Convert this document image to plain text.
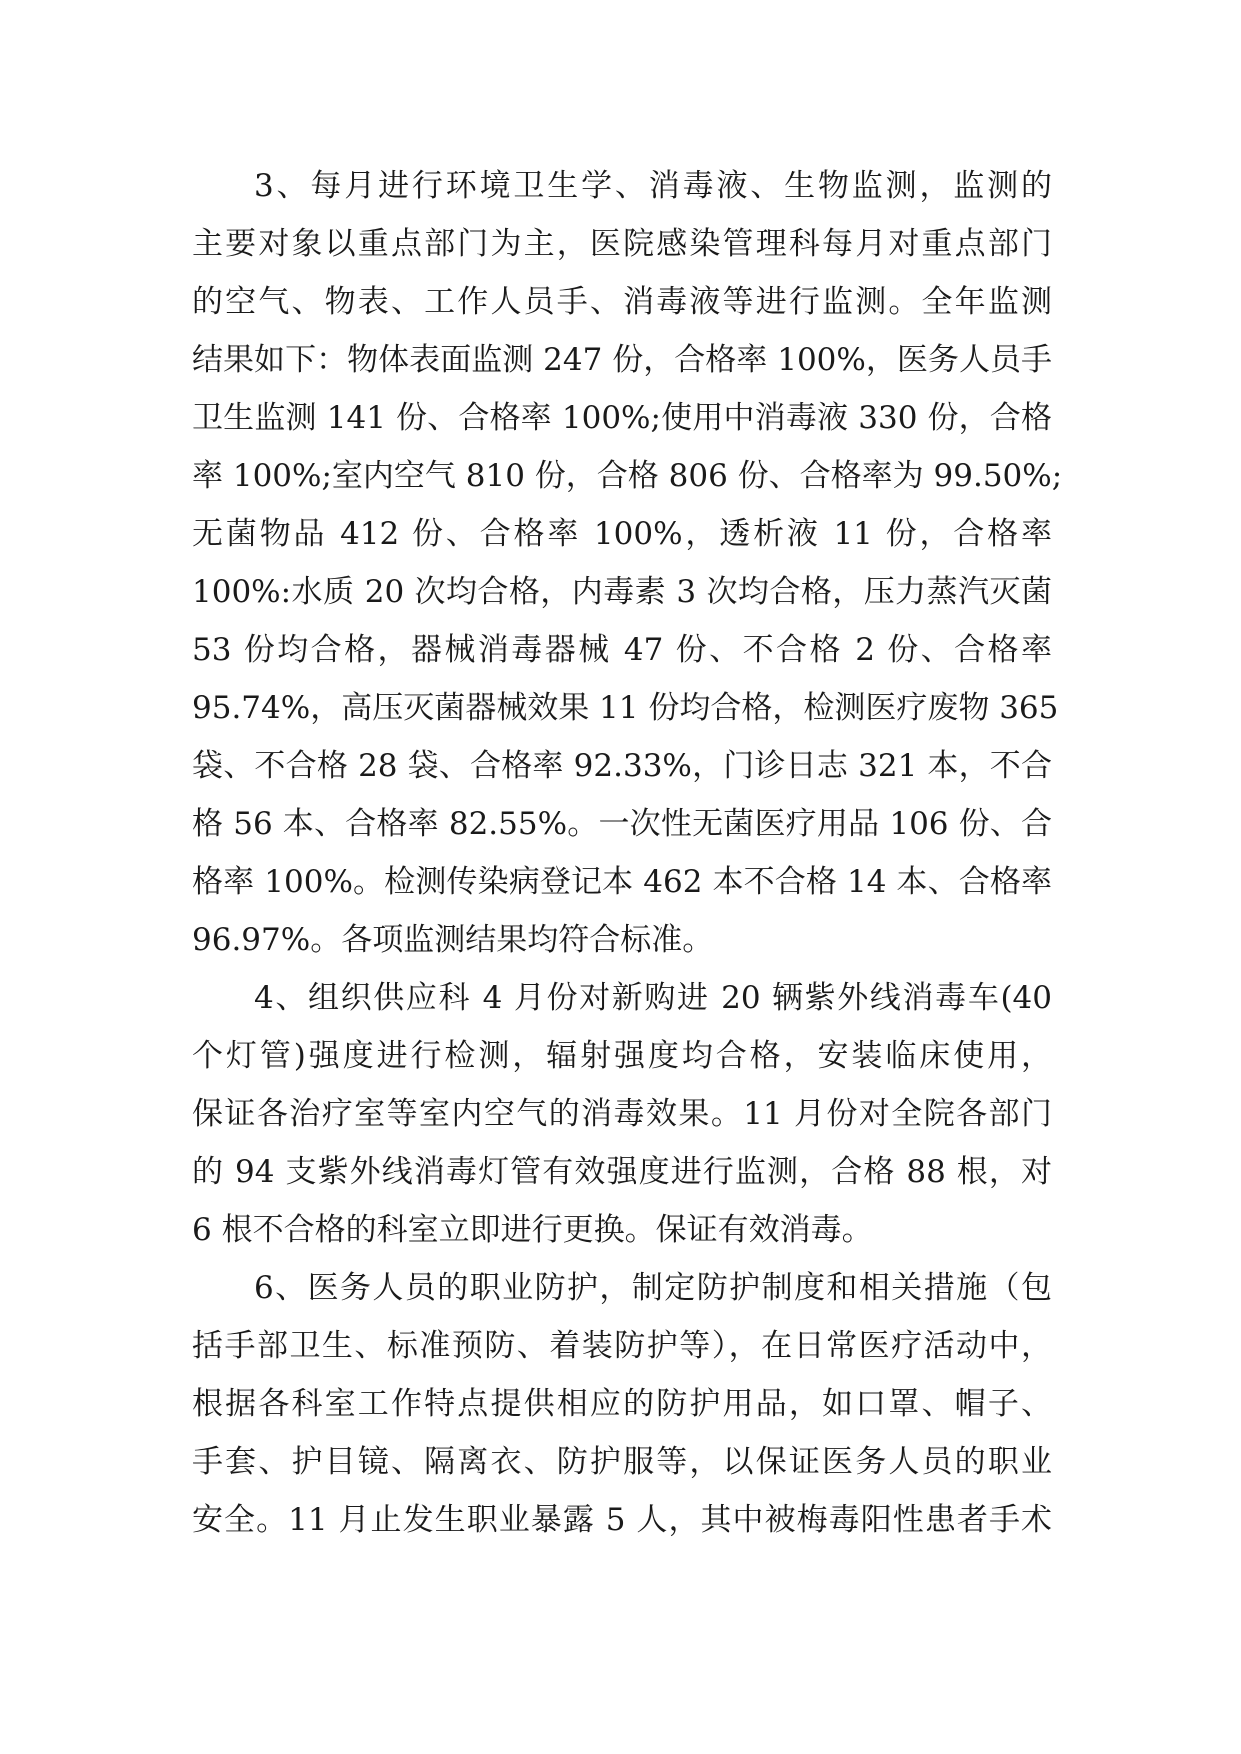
3、每月进行环境卫生学、消毒液、生物监测，监测的
主要对象以重点部门为主，医院感染管理科每月对重点部门
的空气、物表、工作人员手、消毒液等进行监测。全年监测
结果如下：物体表面监测 247 份，合格率 100%，医务人员手
卫生监测 141 份、合格率 100%;使用中消毒液 330 份，合格
率 100%;室内空气 810 份，合格 806 份、合格率为 99.50%;
无菌物品 412 份、合格率 100%，透析液 11 份，合格率
100%:水质 20 次均合格，内毒素 3 次均合格，压力蒸汽灭菌
53 份均合格，器械消毒器械 47 份、不合格 2 份、合格率
95.74%，高压灭菌器械效果 11 份均合格，检测医疗废物 365
袋、不合格 28 袋、合格率 92.33%，门诊日志 321 本，不合
格 56 本、合格率 82.55%。一次性无菌医疗用品 106 份、合
格率 100%。检测传染病登记本 462 本不合格 14 本、合格率
96.97%。各项监测结果均符合标准。
4、组织供应科 4 月份对新购进 20 辆紫外线消毒车(40
个灯管)强度进行检测，辐射强度均合格，安装临床使用，
保证各治疗室等室内空气的消毒效果。11 月份对全院各部门
的 94 支紫外线消毒灯管有效强度进行监测，合格 88 根，对
6 根不合格的科室立即进行更换。保证有效消毒。
6、医务人员的职业防护，制定防护制度和相关措施（包
括手部卫生、标准预防、着装防护等），在日常医疗活动中，
根据各科室工作特点提供相应的防护用品，如口罩、帽子、
手套、护目镜、隔离衣、防护服等，以保证医务人员的职业
安全。11 月止发生职业暴露 5 人，其中被梅毒阳性患者手术
